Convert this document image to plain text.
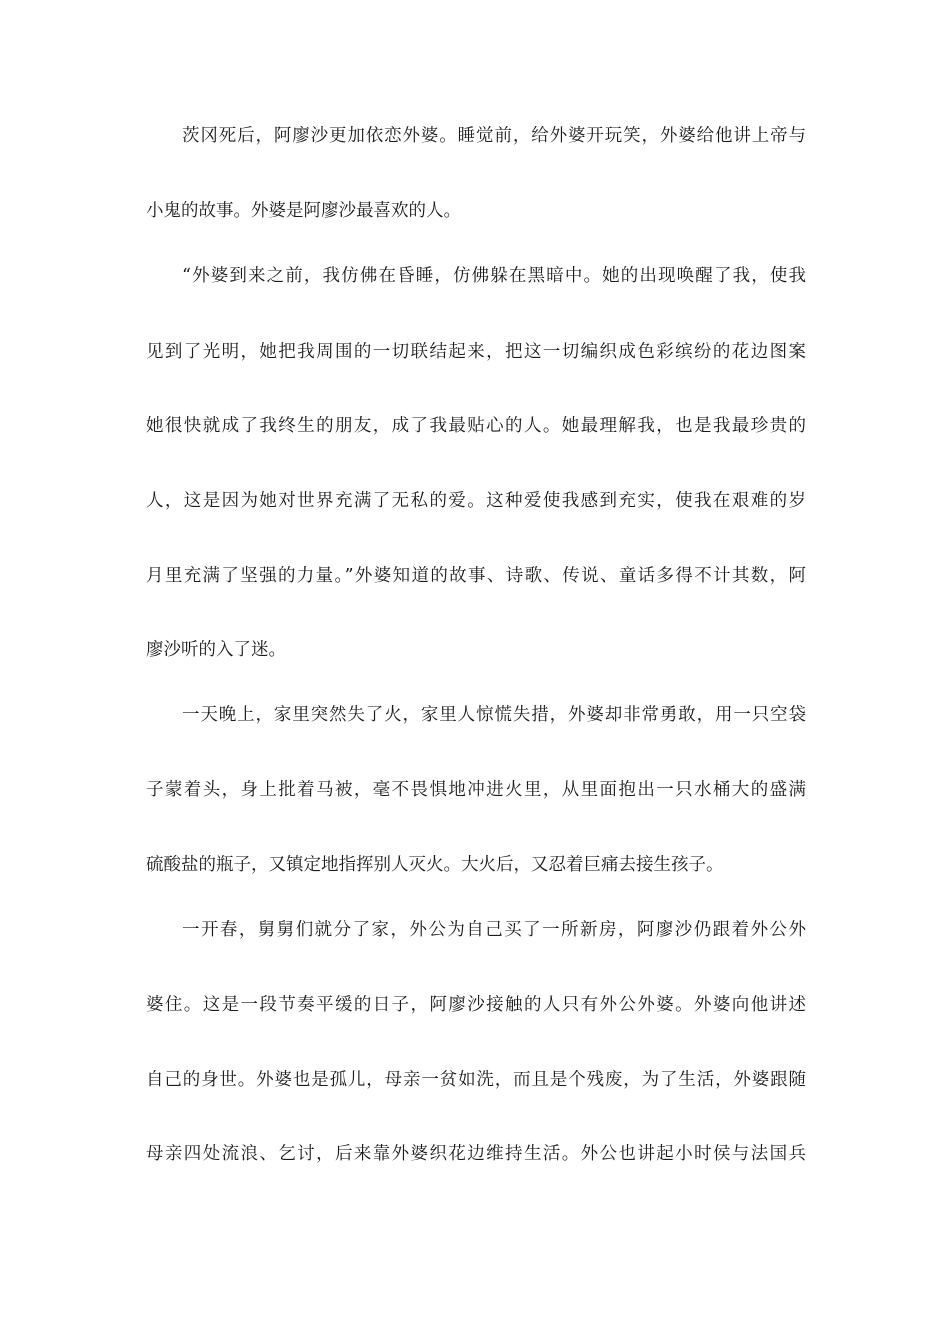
茨冈死后，阿廖沙更加依恋外婆。睡觉前，给外婆开玩笑，外婆给他讲上帝与
小鬼的故事。外婆是阿廖沙最喜欢的人。
“外婆到来之前，我仿佛在昏睡，仿佛躲在黑暗中。她的出现唤醒了我，使我
见到了光明，她把我周围的一切联结起来，把这一切编织成色彩缤纷的花边图案
她很快就成了我终生的朋友，成了我最贴心的人。她最理解我，也是我最珍贵的
人，这是因为她对世界充满了无私的爱。这种爱使我感到充实，使我在艰难的岁
月里充满了坚强的力量。”外婆知道的故事、诗歌、传说、童话多得不计其数，阿
廖沙听的入了迷。
一天晚上，家里突然失了火，家里人惊慌失措，外婆却非常勇敢，用一只空袋
子蒙着头，身上批着马被，毫不畏惧地冲进火里，从里面抱出一只水桶大的盛满
硫酸盐的瓶子，又镇定地指挥别人灭火。大火后，又忍着巨痛去接生孩子。
一开春，舅舅们就分了家，外公为自己买了一所新房，阿廖沙仍跟着外公外
婆住。这是一段节奏平缓的日子，阿廖沙接触的人只有外公外婆。外婆向他讲述
自己的身世。外婆也是孤儿，母亲一贫如洗，而且是个残废，为了生活，外婆跟随
母亲四处流浪、乞讨，后来靠外婆织花边维持生活。外公也讲起小时侯与法国兵
